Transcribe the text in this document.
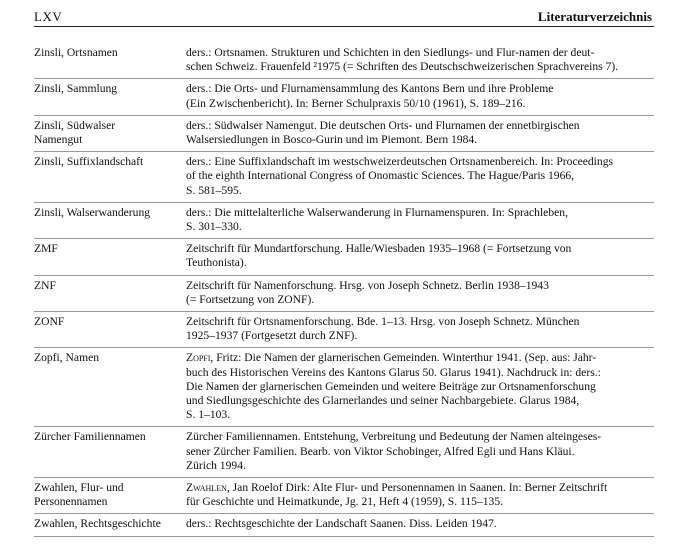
LXV	Literaturverzeichnis
Zinsli, Ortsnamen	ders.: Ortsnamen. Strukturen und Schichten in den Siedlungs- und Flur-namen der deut-
schen Schweiz. Frauenfeld ²1975 (= Schriften des Deutschschweizerischen Sprachvereins 7).

Zinsli, Sammlung	ders.: Die Orts- und Flurnamensammlung des Kantons Bern und ihre Probleme
(Ein Zwischenbericht). In: Berner Schulpraxis 50/10 (1961), S. 189–216.

Zinsli, Südwalser
Namengut	ders.: Südwalser Namengut. Die deutschen Orts- und Flurnamen der ennetbirgischen
Walsersiedlungen in Bosco-Gurin und im Piemont. Bern 1984.

Zinsli, Suffixlandschaft	ders.: Eine Suffixlandschaft im westschweizerdeutschen Ortsnamenbereich. In: Proceedings
of the eighth International Congress of Onomastic Sciences. The Hague/Paris 1966,
S. 581–595.

Zinsli, Walserwanderung	ders.: Die mittelalterliche Walserwanderung in Flurnamenspuren. In: Sprachleben,
S. 301–330.

ZMF	Zeitschrift für Mundartforschung. Halle/Wiesbaden 1935–1968 (= Fortsetzung von
Teuthonista).

ZNF	Zeitschrift für Namenforschung. Hrsg. von Joseph Schnetz. Berlin 1938–1943
(= Fortsetzung von ZONF).

ZONF	Zeitschrift für Ortsnamenforschung. Bde. 1–13. Hrsg. von Joseph Schnetz. München
1925–1937 (Fortgesetzt durch ZNF).

Zopfi, Namen	Zopfi, Fritz: Die Namen der glarnerischen Gemeinden. Winterthur 1941. (Sep. aus: Jahr-
buch des Historischen Vereins des Kantons Glarus 50. Glarus 1941). Nachdruck in: ders.:
Die Namen der glarnerischen Gemeinden und weitere Beiträge zur Ortsnamenforschung
und Siedlungsgeschichte des Glarnerlandes und seiner Nachbargebiete. Glarus 1984,
S. 1–103.

Zürcher Familiennamen	Zürcher Familiennamen. Entstehung, Verbreitung und Bedeutung der Namen alteingeses-
sener Zürcher Familien. Bearb. von Viktor Schobinger, Alfred Egli und Hans Kläui.
Zürich 1994.

Zwahlen, Flur- und
Personennamen	Zwahlen, Jan Roelof Dirk: Alte Flur- und Personennamen in Saanen. In: Berner Zeitschrift
für Geschichte und Heimatkunde, Jg. 21, Heft 4 (1959), S. 115–135.

Zwahlen, Rechtsgeschichte	ders.: Rechtsgeschichte der Landschaft Saanen. Diss. Leiden 1947.
